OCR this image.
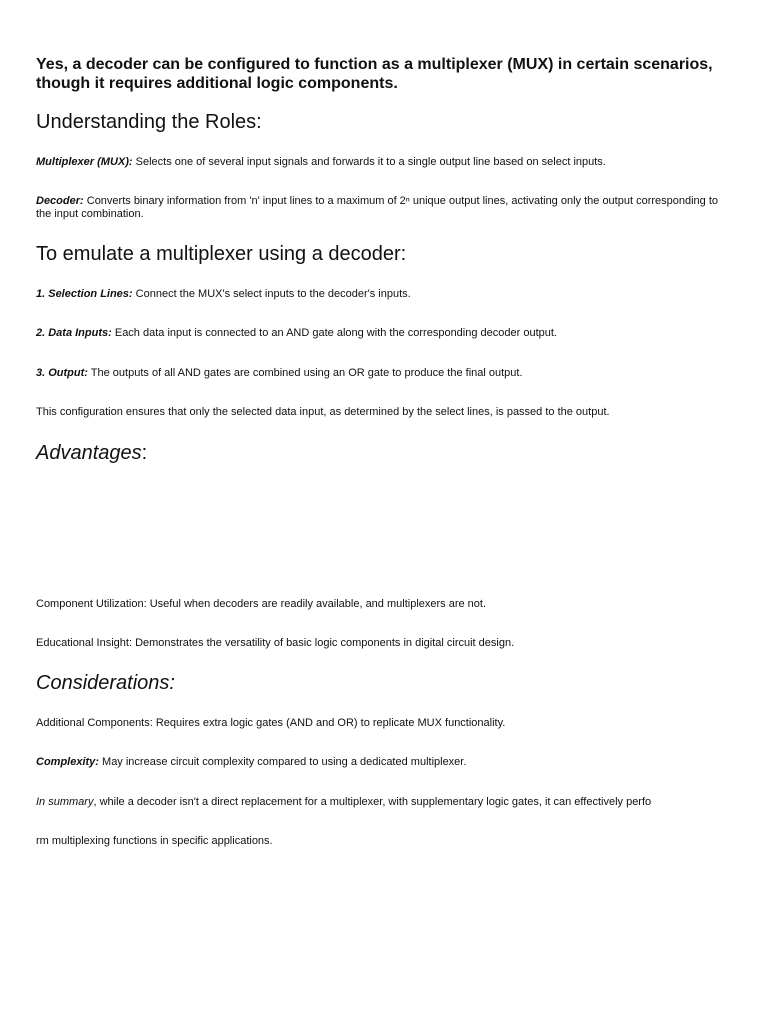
Yes, a decoder can be configured to function as a multiplexer (MUX) in certain scenarios, though it requires additional logic components.

Understanding the Roles:

Multiplexer (MUX): Selects one of several input signals and forwards it to a single output line based on select inputs.

Decoder: Converts binary information from 'n' input lines to a maximum of 2ⁿ unique output lines, activating only the output corresponding to the input combination.

To emulate a multiplexer using a decoder:

1. Selection Lines: Connect the MUX's select inputs to the decoder's inputs.

2. Data Inputs: Each data input is connected to an AND gate along with the corresponding decoder output.

3. Output: The outputs of all AND gates are combined using an OR gate to produce the final output.

This configuration ensures that only the selected data input, as determined by the select lines, is passed to the output.

Advantages:

Component Utilization: Useful when decoders are readily available, and multiplexers are not.

Educational Insight: Demonstrates the versatility of basic logic components in digital circuit design.

Considerations:

Additional Components: Requires extra logic gates (AND and OR) to replicate MUX functionality.

Complexity: May increase circuit complexity compared to using a dedicated multiplexer.

In summary, while a decoder isn't a direct replacement for a multiplexer, with supplementary logic gates, it can effectively perfo

rm multiplexing functions in specific applications.
